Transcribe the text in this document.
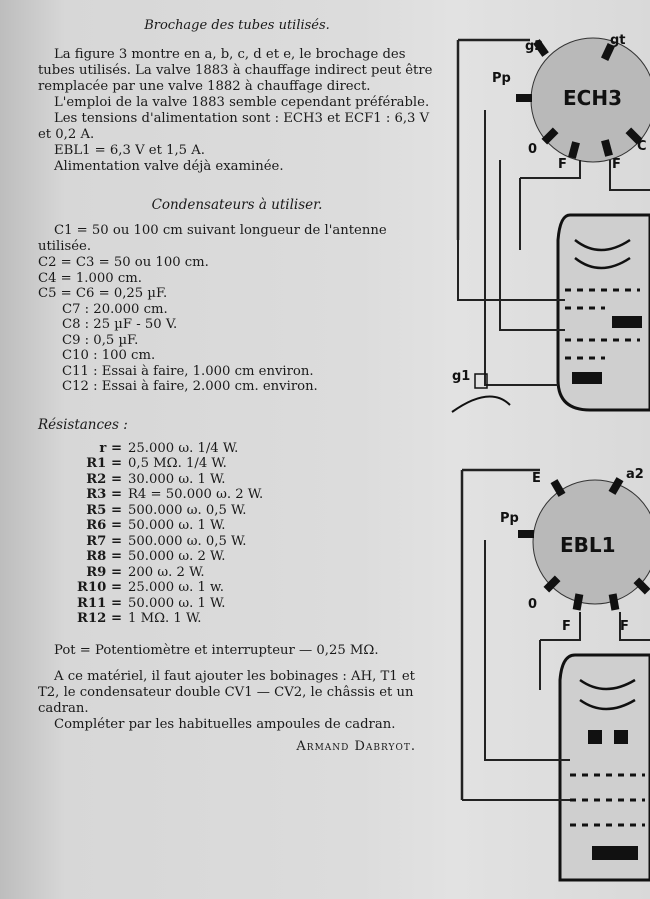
Brochage des tubes utilisés.

La figure 3 montre en a, b, c, d et e, le brochage des tubes utilisés. La valve 1883 à chauffage indirect peut être remplacée par une valve 1882 à chauffage direct.

L'emploi de la valve 1883 semble cependant préférable.

Les tensions d'alimentation sont : ECH3 et ECF1 : 6,3 V et 0,2 A.

EBL1 = 6,3 V et 1,5 A.

Alimentation valve déjà examinée.

Condensateurs à utiliser.

C1 = 50 ou 100 cm suivant longueur de l'antenne utilisée.

C2 = C3 = 50 ou 100 cm.
C4 = 1.000 cm.
C5 = C6 = 0,25 µF.
C7 : 20.000 cm.
C8 : 25 µF - 50 V.
C9 : 0,5 µF.
C10 : 100 cm.
C11 : Essai à faire, 1.000 cm environ.
C12 : Essai à faire, 2.000 cm. environ.
Résistances :
r = 25.000 ω. 1/4 W.
R1 = 0,5 MΩ. 1/4 W.
R2 = 30.000 ω. 1 W.
R3 = R4 = 50.000 ω. 2 W.
R5 = 500.000 ω. 0,5 W.
R6 = 50.000 ω. 1 W.
R7 = 500.000 ω. 0,5 W.
R8 = 50.000 ω. 2 W.
R9 = 200 ω. 2 W.
R10 = 25.000 ω. 1 w.
R11 = 50.000 ω. 1 W.
R12 = 1 MΩ. 1 W.

Pot = Potentiomètre et interrupteur — 0,25 MΩ.

A ce matériel, il faut ajouter les bobinages : AH, T1 et T2, le condensateur double CV1 — CV2, le châssis et un cadran.

Compléter par les habituelles ampoules de cadran.

Armand Dabryot.
ECH3
g2	gt
Pp
0
F	F
C
g1
EBL1
E	a2
Pp
0
F	F
